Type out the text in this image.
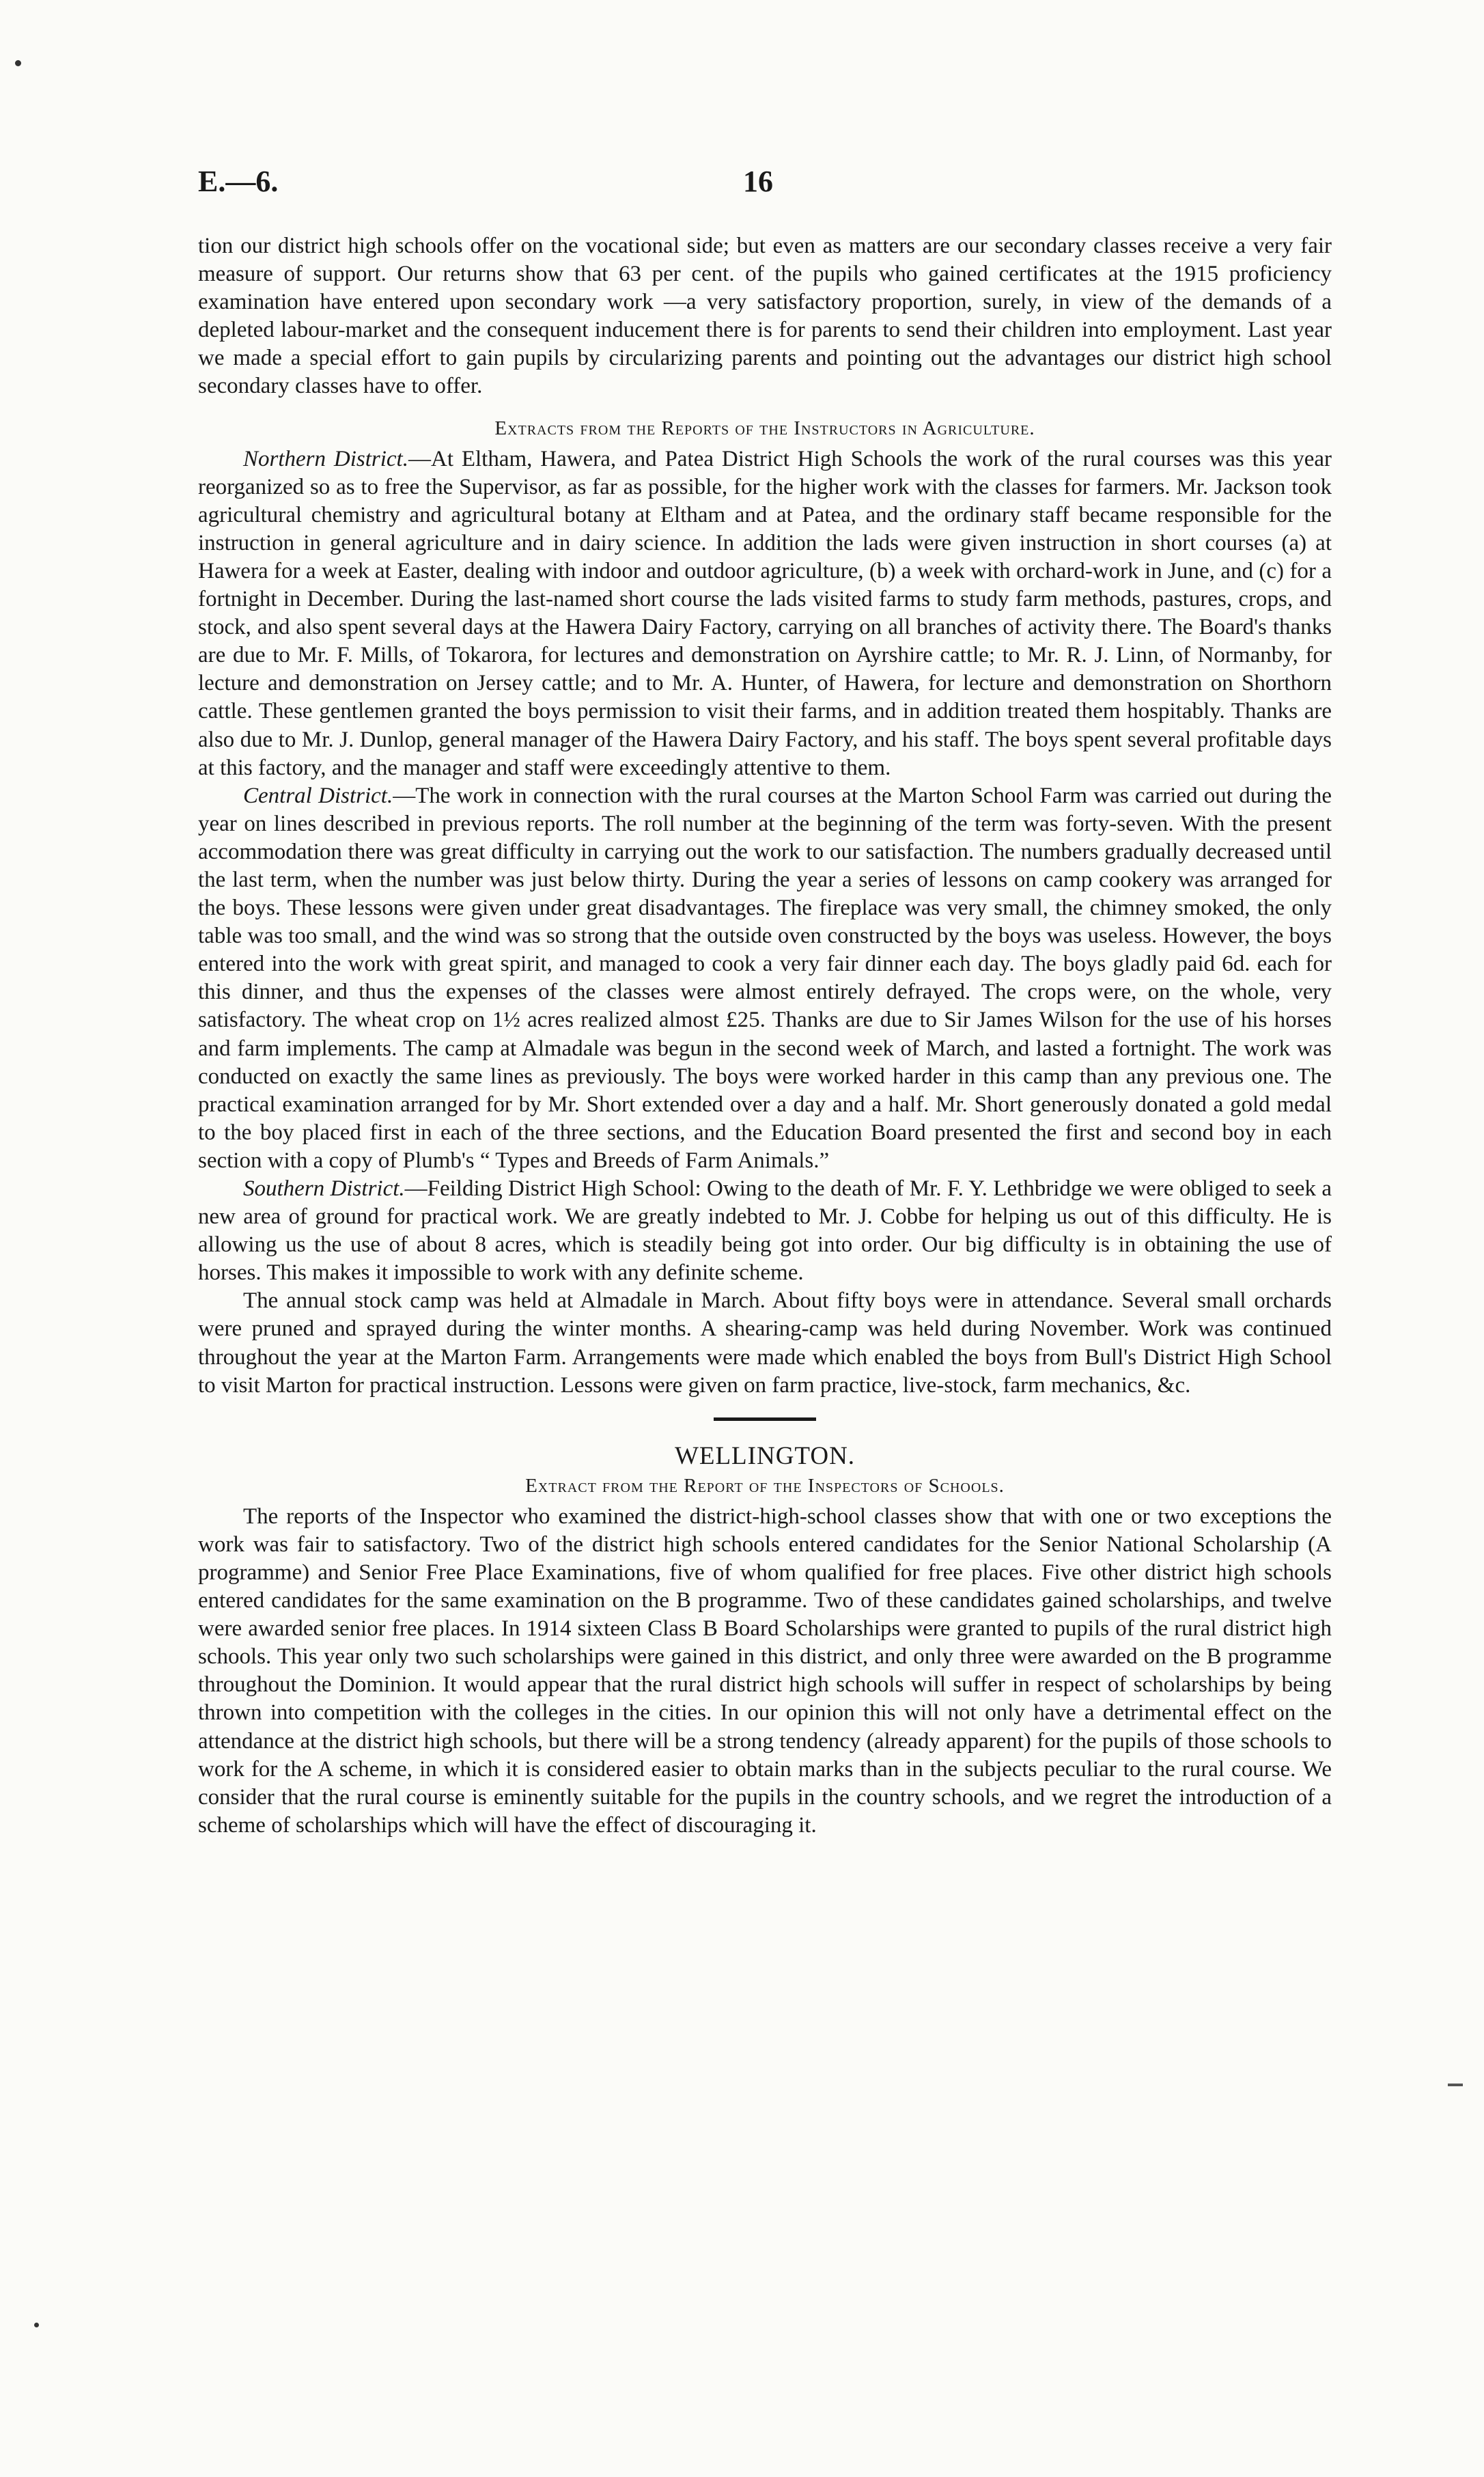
E.—6.	16

tion our district high schools offer on the vocational side; but even as matters are our secondary classes receive a very fair measure of support. Our returns show that 63 per cent. of the pupils who gained certificates at the 1915 proficiency examination have entered upon secondary work —a very satisfactory proportion, surely, in view of the demands of a depleted labour-market and the consequent inducement there is for parents to send their children into employment. Last year we made a special effort to gain pupils by circularizing parents and pointing out the advantages our district high school secondary classes have to offer.

Extracts from the Reports of the Instructors in Agriculture.

  Northern District.—At Eltham, Hawera, and Patea District High Schools the work of the rural courses was this year reorganized so as to free the Supervisor, as far as possible, for the higher work with the classes for farmers. Mr. Jackson took agricultural chemistry and agricultural botany at Eltham and at Patea, and the ordinary staff became responsible for the instruction in general agriculture and in dairy science. In addition the lads were given instruction in short courses (a) at Hawera for a week at Easter, dealing with indoor and outdoor agriculture, (b) a week with orchard-work in June, and (c) for a fortnight in December. During the last-named short course the lads visited farms to study farm methods, pastures, crops, and stock, and also spent several days at the Hawera Dairy Factory, carrying on all branches of activity there. The Board's thanks are due to Mr. F. Mills, of Tokarora, for lectures and demonstration on Ayrshire cattle; to Mr. R. J. Linn, of Normanby, for lecture and demonstration on Jersey cattle; and to Mr. A. Hunter, of Hawera, for lecture and demonstration on Shorthorn cattle. These gentlemen granted the boys permission to visit their farms, and in addition treated them hospitably. Thanks are also due to Mr. J. Dunlop, general manager of the Hawera Dairy Factory, and his staff. The boys spent several profitable days at this factory, and the manager and staff were exceedingly attentive to them.

  Central District.—The work in connection with the rural courses at the Marton School Farm was carried out during the year on lines described in previous reports. The roll number at the beginning of the term was forty-seven. With the present accommodation there was great difficulty in carrying out the work to our satisfaction. The numbers gradually decreased until the last term, when the number was just below thirty. During the year a series of lessons on camp cookery was arranged for the boys. These lessons were given under great disadvantages. The fireplace was very small, the chimney smoked, the only table was too small, and the wind was so strong that the outside oven constructed by the boys was useless. However, the boys entered into the work with great spirit, and managed to cook a very fair dinner each day. The boys gladly paid 6d. each for this dinner, and thus the expenses of the classes were almost entirely defrayed. The crops were, on the whole, very satisfactory. The wheat crop on 1½ acres realized almost £25. Thanks are due to Sir James Wilson for the use of his horses and farm implements. The camp at Almadale was begun in the second week of March, and lasted a fortnight. The work was conducted on exactly the same lines as previously. The boys were worked harder in this camp than any previous one. The practical examination arranged for by Mr. Short extended over a day and a half. Mr. Short generously donated a gold medal to the boy placed first in each of the three sections, and the Education Board presented the first and second boy in each section with a copy of Plumb's “ Types and Breeds of Farm Animals.”

  Southern District.—Feilding District High School: Owing to the death of Mr. F. Y. Lethbridge we were obliged to seek a new area of ground for practical work. We are greatly indebted to Mr. J. Cobbe for helping us out of this difficulty. He is allowing us the use of about 8 acres, which is steadily being got into order. Our big difficulty is in obtaining the use of horses. This makes it impossible to work with any definite scheme.

  The annual stock camp was held at Almadale in March. About fifty boys were in attendance. Several small orchards were pruned and sprayed during the winter months. A shearing-camp was held during November. Work was continued throughout the year at the Marton Farm. Arrangements were made which enabled the boys from Bull's District High School to visit Marton for practical instruction. Lessons were given on farm practice, live-stock, farm mechanics, &c.

WELLINGTON.
Extract from the Report of the Inspectors of Schools.

  The reports of the Inspector who examined the district-high-school classes show that with one or two exceptions the work was fair to satisfactory. Two of the district high schools entered candidates for the Senior National Scholarship (A programme) and Senior Free Place Examinations, five of whom qualified for free places. Five other district high schools entered candidates for the same examination on the B programme. Two of these candidates gained scholarships, and twelve were awarded senior free places. In 1914 sixteen Class B Board Scholarships were granted to pupils of the rural district high schools. This year only two such scholarships were gained in this district, and only three were awarded on the B programme throughout the Dominion. It would appear that the rural district high schools will suffer in respect of scholarships by being thrown into competition with the colleges in the cities. In our opinion this will not only have a detrimental effect on the attendance at the district high schools, but there will be a strong tendency (already apparent) for the pupils of those schools to work for the A scheme, in which it is considered easier to obtain marks than in the subjects peculiar to the rural course. We consider that the rural course is eminently suitable for the pupils in the country schools, and we regret the introduction of a scheme of scholarships which will have the effect of discouraging it.
